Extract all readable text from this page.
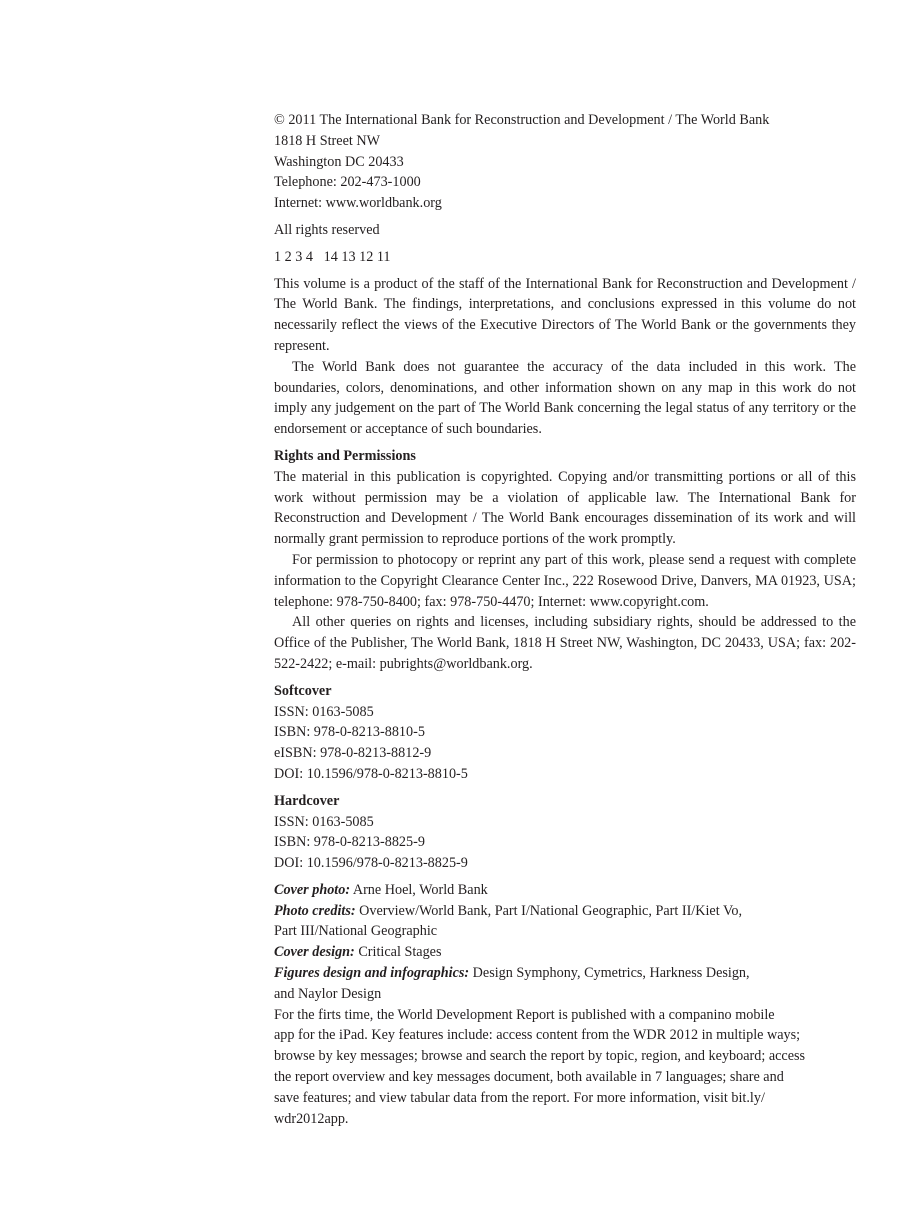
© 2011 The International Bank for Reconstruction and Development / The World Bank
1818 H Street NW
Washington DC 20433
Telephone: 202-473-1000
Internet: www.worldbank.org
All rights reserved
1 2 3 4   14 13 12 11

This volume is a product of the staff of the International Bank for Reconstruction and Development / The World Bank. The findings, interpretations, and conclusions expressed in this volume do not necessarily reflect the views of the Executive Directors of The World Bank or the governments they represent.

The World Bank does not guarantee the accuracy of the data included in this work. The boundaries, colors, denominations, and other information shown on any map in this work do not imply any judgement on the part of The World Bank concerning the legal status of any territory or the endorsement or acceptance of such boundaries.

Rights and Permissions

The material in this publication is copyrighted. Copying and/or transmitting portions or all of this work without permission may be a violation of applicable law. The International Bank for Reconstruction and Development / The World Bank encourages dissemination of its work and will normally grant permission to reproduce portions of the work promptly.

For permission to photocopy or reprint any part of this work, please send a request with complete information to the Copyright Clearance Center Inc., 222 Rosewood Drive, Danvers, MA 01923, USA; telephone: 978-750-8400; fax: 978-750-4470; Internet: www.copyright.com.

All other queries on rights and licenses, including subsidiary rights, should be addressed to the Office of the Publisher, The World Bank, 1818 H Street NW, Washington, DC 20433, USA; fax: 202-522-2422; e-mail: pubrights@worldbank.org.

Softcover
ISSN: 0163-5085
ISBN: 978-0-8213-8810-5
eISBN: 978-0-8213-8812-9
DOI: 10.1596/978-0-8213-8810-5
Hardcover
ISSN: 0163-5085
ISBN: 978-0-8213-8825-9
DOI: 10.1596/978-0-8213-8825-9
Cover photo: Arne Hoel, World Bank
Photo credits: Overview/World Bank, Part I/National Geographic, Part II/Kiet Vo,
Part III/National Geographic
Cover design: Critical Stages
Figures design and infographics: Design Symphony, Cymetrics, Harkness Design,
and Naylor Design
For the firts time, the World Development Report is published with a companino mobile
app for the iPad. Key features include: access content from the WDR 2012 in multiple ways;
browse by key messages; browse and search the report by topic, region, and keyboard; access
the report overview and key messages document, both available in 7 languages; share and
save features; and view tabular data from the report. For more information, visit bit.ly/
wdr2012app.
